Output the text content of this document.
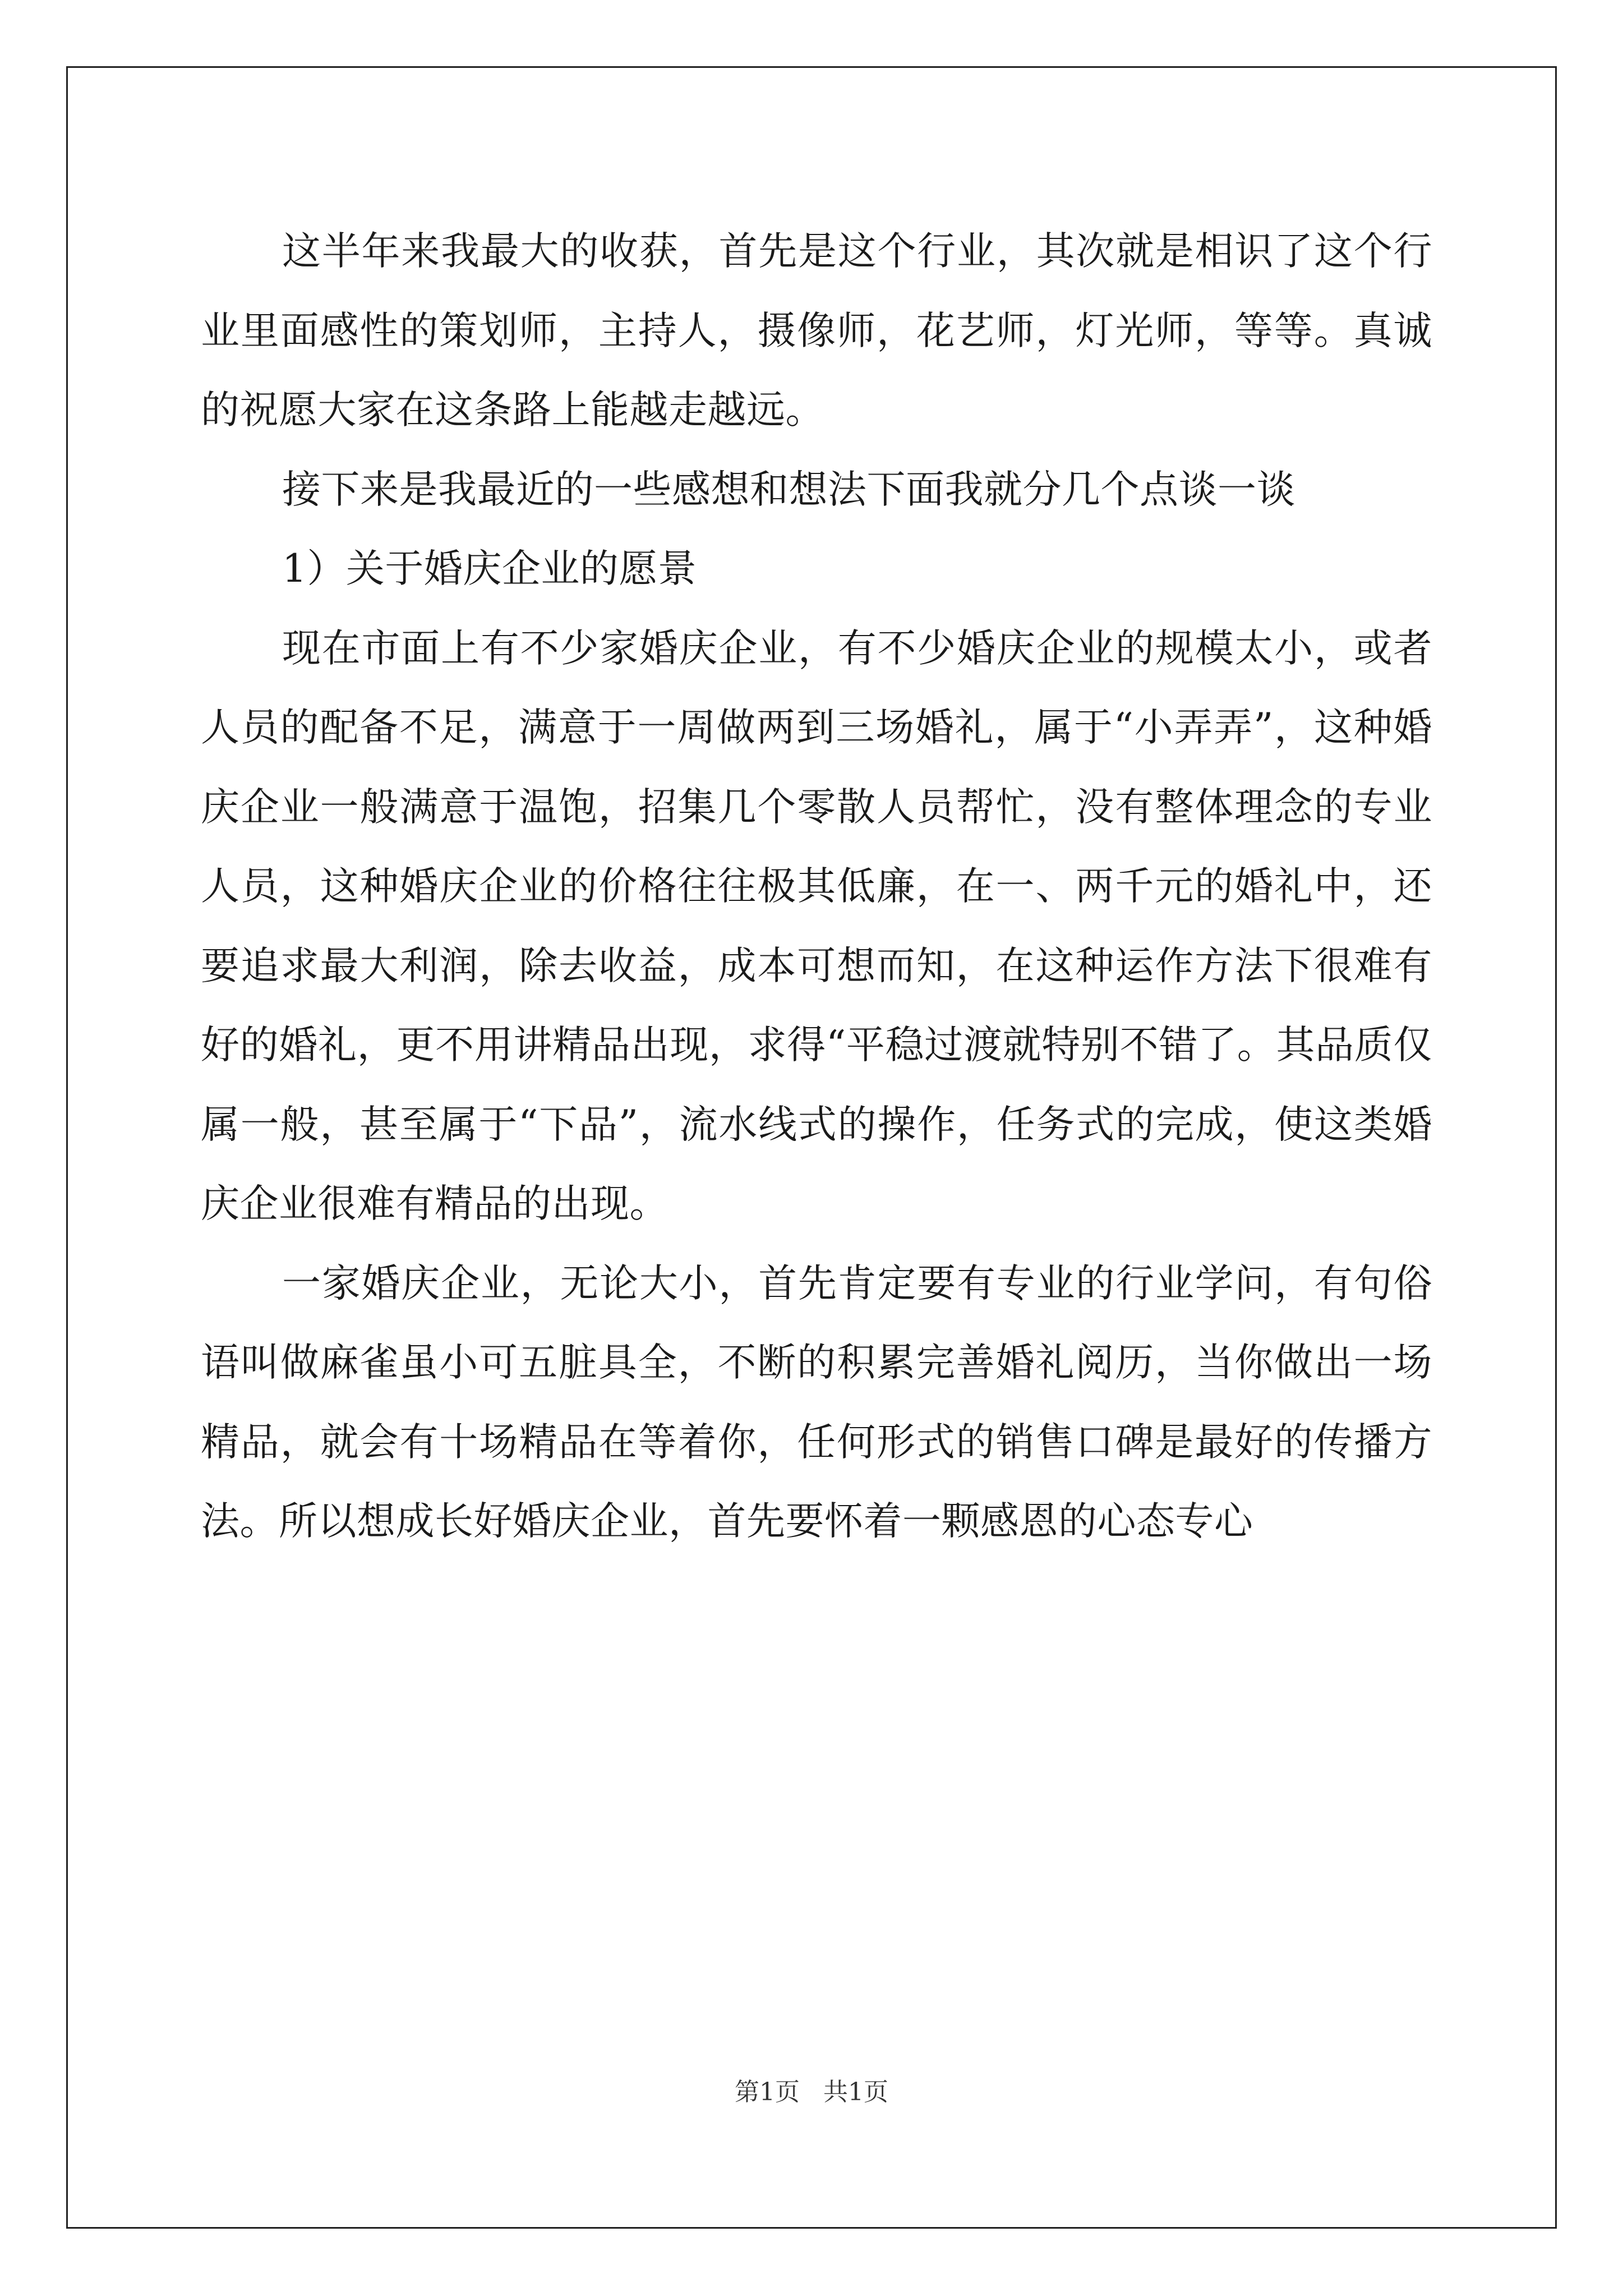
这半年来我最大的收获，首先是这个行业，其次就是相识了这个行业里面感性的策划师，主持人，摄像师，花艺师，灯光师，等等。真诚的祝愿大家在这条路上能越走越远。

接下来是我最近的一些感想和想法下面我就分几个点谈一谈

1）关于婚庆企业的愿景

现在市面上有不少家婚庆企业，有不少婚庆企业的规模太小，或者人员的配备不足，满意于一周做两到三场婚礼，属于“小弄弄”，这种婚庆企业一般满意于温饱，招集几个零散人员帮忙，没有整体理念的专业人员，这种婚庆企业的价格往往极其低廉，在一、两千元的婚礼中，还要追求最大利润，除去收益，成本可想而知，在这种运作方法下很难有好的婚礼，更不用讲精品出现，求得“平稳过渡就特别不错了。其品质仅属一般，甚至属于“下品”，流水线式的操作，任务式的完成，使这类婚庆企业很难有精品的出现。

一家婚庆企业，无论大小，首先肯定要有专业的行业学问，有句俗语叫做麻雀虽小可五脏具全，不断的积累完善婚礼阅历，当你做出一场精品，就会有十场精品在等着你，任何形式的销售口碑是最好的传播方法。所以想成长好婚庆企业，首先要怀着一颗感恩的心态专心

第1页   共1页
